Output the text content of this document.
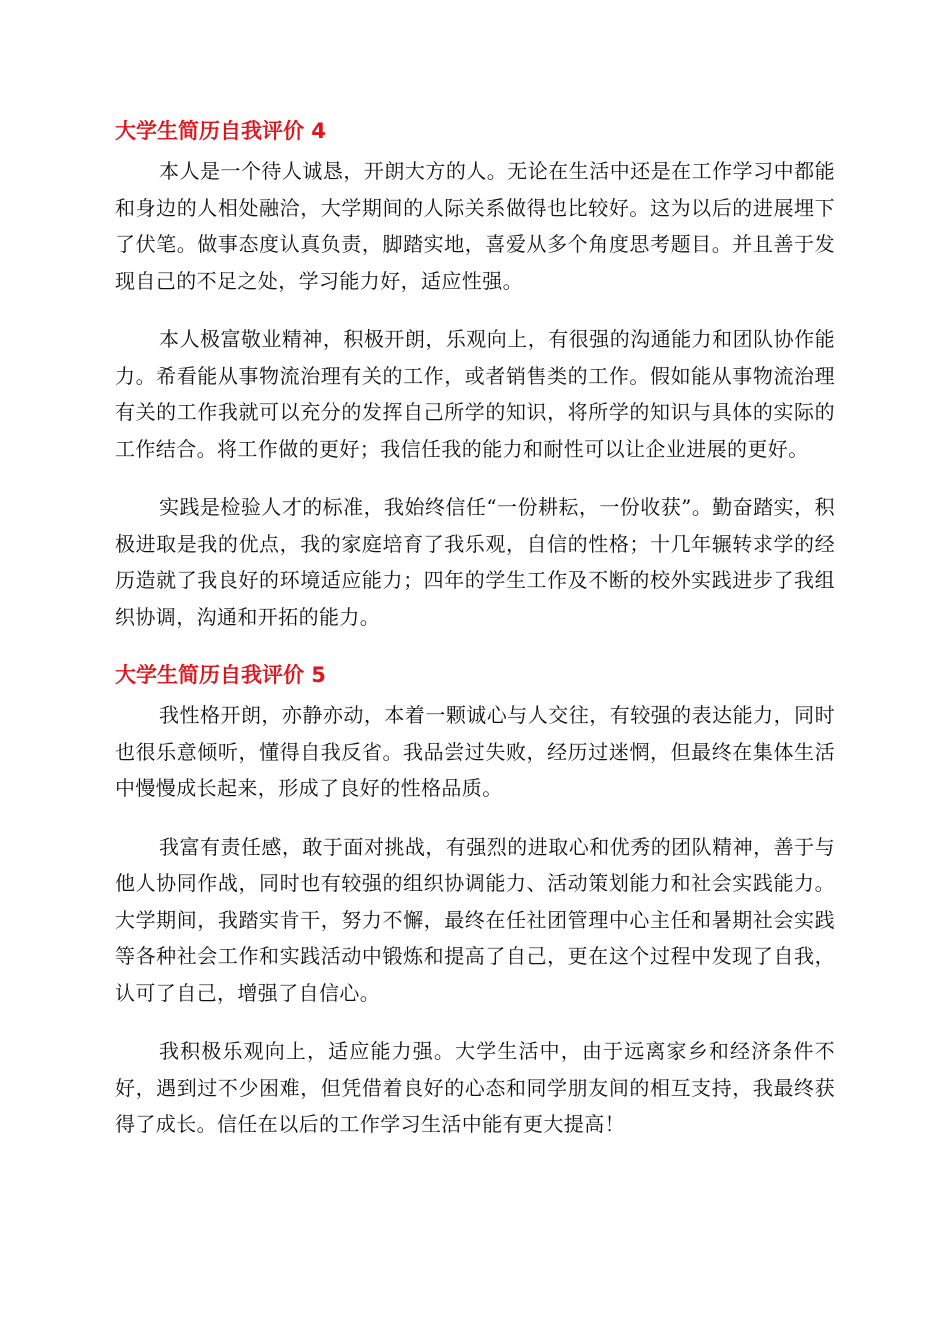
大学生简历自我评价 4

本人是一个待人诚恳，开朗大方的人。无论在生活中还是在工作学习中都能和身边的人相处融洽，大学期间的人际关系做得也比较好。这为以后的进展埋下了伏笔。做事态度认真负责，脚踏实地，喜爱从多个角度思考题目。并且善于发现自己的不足之处，学习能力好，适应性强。

本人极富敬业精神，积极开朗，乐观向上，有很强的沟通能力和团队协作能力。希看能从事物流治理有关的工作，或者销售类的工作。假如能从事物流治理有关的工作我就可以充分的发挥自己所学的知识，将所学的知识与具体的实际的工作结合。将工作做的更好；我信任我的能力和耐性可以让企业进展的更好。

实践是检验人才的标准，我始终信任“一份耕耘，一份收获”。勤奋踏实，积极进取是我的优点，我的家庭培育了我乐观，自信的性格；十几年辗转求学的经历造就了我良好的环境适应能力；四年的学生工作及不断的校外实践进步了我组织协调，沟通和开拓的能力。

大学生简历自我评价 5

我性格开朗，亦静亦动，本着一颗诚心与人交往，有较强的表达能力，同时也很乐意倾听，懂得自我反省。我品尝过失败，经历过迷惘，但最终在集体生活中慢慢成长起来，形成了良好的性格品质。

我富有责任感，敢于面对挑战，有强烈的进取心和优秀的团队精神，善于与他人协同作战，同时也有较强的组织协调能力、活动策划能力和社会实践能力。大学期间，我踏实肯干，努力不懈，最终在任社团管理中心主任和暑期社会实践等各种社会工作和实践活动中锻炼和提高了自己，更在这个过程中发现了自我，认可了自己，增强了自信心。

我积极乐观向上，适应能力强。大学生活中，由于远离家乡和经济条件不好，遇到过不少困难，但凭借着良好的心态和同学朋友间的相互支持，我最终获得了成长。信任在以后的工作学习生活中能有更大提高！
